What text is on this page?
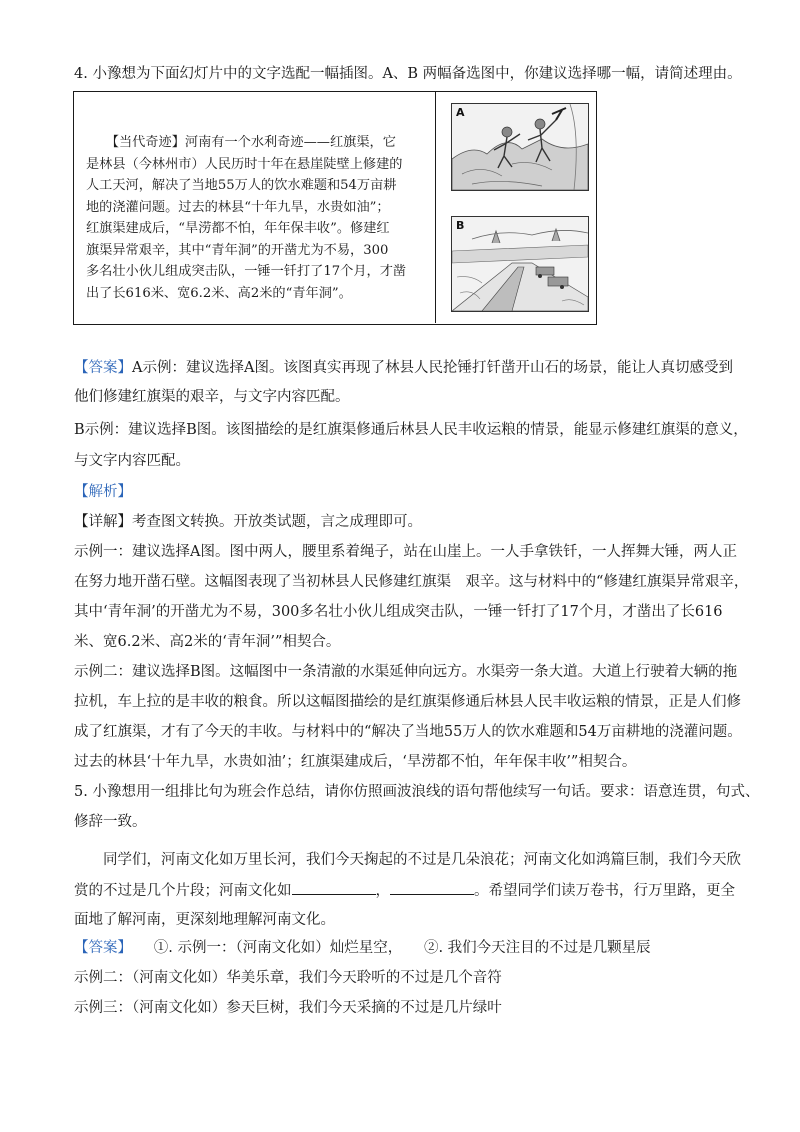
4. 小豫想为下面幻灯片中的文字选配一幅插图。A、B 两幅备选图中，你建议选择哪一幅，请简述理由。
　　【当代奇迹】河南有一个水利奇迹——红旗渠，它
是林县（今林州市）人民历时十年在悬崖陡壁上修建的
人工天河，解决了当地55万人的饮水难题和54万亩耕
地的浇灌问题。过去的林县“十年九旱，水贵如油”；
红旗渠建成后，“旱涝都不怕，年年保丰收”。修建红
旗渠异常艰辛，其中“青年洞”的开凿尤为不易，300
多名壮小伙儿组成突击队，一锤一钎打了17个月，才凿
出了长616米、宽6.2米、高2米的“青年洞”。
A
B
【答案】A示例：建议选择A图。该图真实再现了林县人民抡锤打钎凿开山石的场景，能让人真切感受到
他们修建红旗渠的艰辛，与文字内容匹配。
B示例：建议选择B图。该图描绘的是红旗渠修通后林县人民丰收运粮的情景，能显示修建红旗渠的意义，
与文字内容匹配。
【解析】
【详解】考查图文转换。开放类试题，言之成理即可。
示例一：建议选择A图。图中两人，腰里系着绳子，站在山崖上。一人手拿铁钎，一人挥舞大锤，两人正
在努力地开凿石壁。这幅图表现了当初林县人民修建红旗渠　艰辛。这与材料中的“修建红旗渠异常艰辛，
其中‘青年洞’的开凿尤为不易，300多名壮小伙儿组成突击队，一锤一钎打了17个月，才凿出了长616
米、宽6.2米、高2米的‘青年洞’”相契合。
示例二：建议选择B图。这幅图中一条清澈的水渠延伸向远方。水渠旁一条大道。大道上行驶着大辆的拖
拉机，车上拉的是丰收的粮食。所以这幅图描绘的是红旗渠修通后林县人民丰收运粮的情景，正是人们修
成了红旗渠，才有了今天的丰收。与材料中的“解决了当地55万人的饮水难题和54万亩耕地的浇灌问题。
过去的林县‘十年九旱，水贵如油’；红旗渠建成后，‘旱涝都不怕，年年保丰收’”相契合。
5. 小豫想用一组排比句为班会作总结，请你仿照画波浪线的语句帮他续写一句话。要求：语意连贯，句式、
修辞一致。
　　同学们，河南文化如万里长河，我们今天掬起的不过是几朵浪花；河南文化如鸿篇巨制，我们今天欣
赏的不过是几个片段；河南文化如	，	。希望同学们读万卷书，行万里路，更全
面地了解河南，更深刻地理解河南文化。
【答案】　　①. 示例一：（河南文化如）灿烂星空，　　②. 我们今天注目的不过是几颗星辰
示例二：（河南文化如）华美乐章，我们今天聆听的不过是几个音符
示例三：（河南文化如）参天巨树，我们今天采摘的不过是几片绿叶
